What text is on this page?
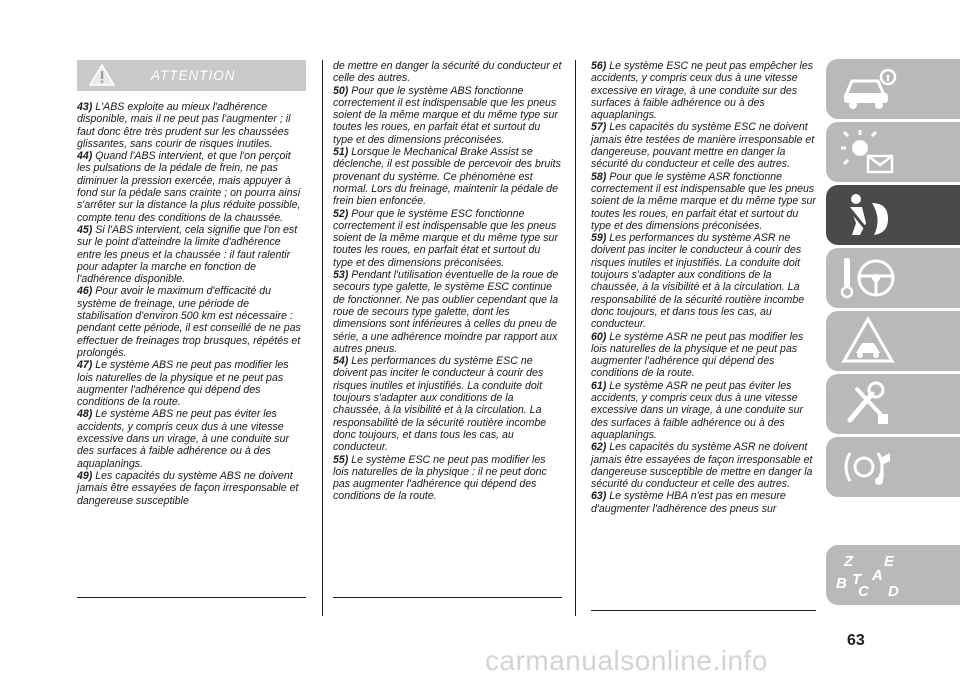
ATTENTION

43) L'ABS exploite au mieux l'adhérence disponible, mais il ne peut pas l'augmenter ; il faut donc être très prudent sur les chaussées glissantes, sans courir de risques inutiles.

44) Quand l'ABS intervient, et que l'on perçoit les pulsations de la pédale de frein, ne pas diminuer la pression exercée, mais appuyer à fond sur la pédale sans crainte ; on pourra ainsi s'arrêter sur la distance la plus réduite possible, compte tenu des conditions de la chaussée.

45) Si l'ABS intervient, cela signifie que l'on est sur le point d'atteindre la limite d'adhérence entre les pneus et la chaussée : il faut ralentir pour adapter la marche en fonction de l'adhérence disponible.

46) Pour avoir le maximum d'efficacité du système de freinage, une période de stabilisation d'environ 500 km est nécessaire : pendant cette période, il est conseillé de ne pas effectuer de freinages trop brusques, répétés et prolongés.

47) Le système ABS ne peut pas modifier les lois naturelles de la physique et ne peut pas augmenter l'adhérence qui dépend des conditions de la route.

48) Le système ABS ne peut pas éviter les accidents, y compris ceux dus à une vitesse excessive dans un virage, à une conduite sur des surfaces à faible adhérence ou à des aquaplanings.

49) Les capacités du système ABS ne doivent jamais être essayées de façon irresponsable et dangereuse susceptible

de mettre en danger la sécurité du conducteur et celle des autres.

50) Pour que le système ABS fonctionne correctement il est indispensable que les pneus soient de la même marque et du même type sur toutes les roues, en parfait état et surtout du type et des dimensions préconisées.

51) Lorsque le Mechanical Brake Assist se déclenche, il est possible de percevoir des bruits provenant du système. Ce phénomène est normal. Lors du freinage, maintenir la pédale de frein bien enfoncée.

52) Pour que le système ESC fonctionne correctement il est indispensable que les pneus soient de la même marque et du même type sur toutes les roues, en parfait état et surtout du type et des dimensions préconisées.

53) Pendant l'utilisation éventuelle de la roue de secours type galette, le système ESC continue de fonctionner. Ne pas oublier cependant que la roue de secours type galette, dont les dimensions sont inférieures à celles du pneu de série, a une adhérence moindre par rapport aux autres pneus.

54) Les performances du système ESC ne doivent pas inciter le conducteur à courir des risques inutiles et injustifiés. La conduite doit toujours s'adapter aux conditions de la chaussée, à la visibilité et à la circulation. La responsabilité de la sécurité routière incombe donc toujours, et dans tous les cas, au conducteur.

55) Le système ESC ne peut pas modifier les lois naturelles de la physique : il ne peut donc pas augmenter l'adhérence qui dépend des conditions de la route.

56) Le système ESC ne peut pas empêcher les accidents, y compris ceux dus à une vitesse excessive en virage, à une conduite sur des surfaces à faible adhérence ou à des aquaplanings.

57) Les capacités du système ESC ne doivent jamais être testées de manière irresponsable et dangereuse, pouvant mettre en danger la sécurité du conducteur et celle des autres.

58) Pour que le système ASR fonctionne correctement il est indispensable que les pneus soient de la même marque et du même type sur toutes les roues, en parfait état et surtout du type et des dimensions préconisées.

59) Les performances du système ASR ne doivent pas inciter le conducteur à courir des risques inutiles et injustifiés. La conduite doit toujours s'adapter aux conditions de la chaussée, à la visibilité et à la circulation. La responsabilité de la sécurité routière incombe donc toujours, et dans tous les cas, au conducteur.

60) Le système ASR ne peut pas modifier les lois naturelles de la physique et ne peut pas augmenter l'adhérence qui dépend des conditions de la route.

61) Le système ASR ne peut pas éviter les accidents, y compris ceux dus à une vitesse excessive dans un virage, à une conduite sur des surfaces à faible adhérence ou à des aquaplanings.

62) Les capacités du système ASR ne doivent jamais être essayées de façon irresponsable et dangereuse susceptible de mettre en danger la sécurité du conducteur et celle des autres.

63) Le système HBA n'est pas en mesure d'augmenter l'adhérence des pneus sur

Z E
A
B C D
T
63
carmanualsonline.info
